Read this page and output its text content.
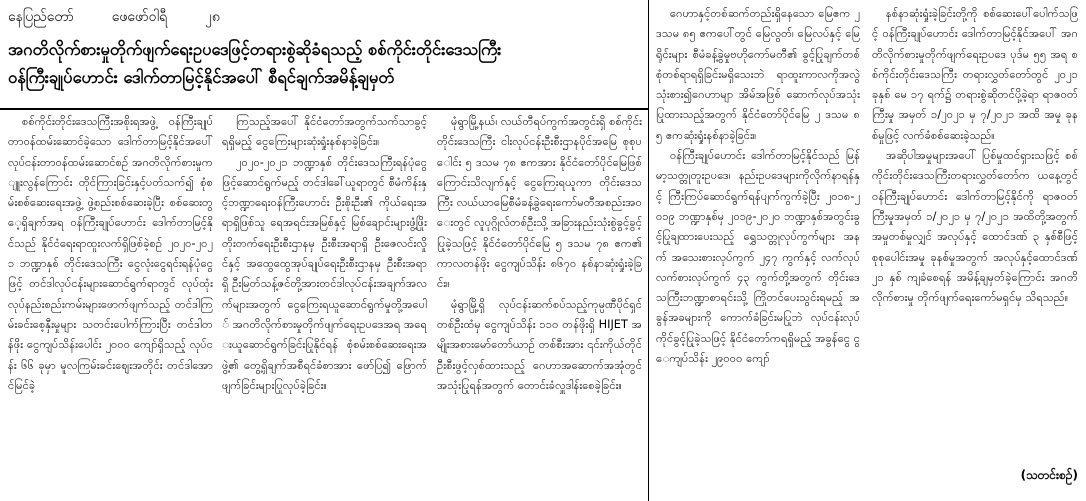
နေပြည်တော်	ဖေဖော်ဝါရီ	၂၈
အဂတိလိုက်စားမှုတိုက်ဖျက်ရေးဥပဒေဖြင့်တရားစွဲဆိုခံရသည့် စစ်ကိုင်းတိုင်းဒေသကြီး
ဝန်ကြီးချုပ်ဟောင်း ဒေါက်တာမြင့်နိုင်အပေါ် စီရင်ချက်အမိန့်ချမှတ်

စစ်ကိုင်းတိုင်းဒေသကြီးအစိုးရအဖွဲ့ ဝန်ကြီးချုပ်တာဝန်ထမ်းဆောင်ခဲ့သော ဒေါက်တာမြင့်နိုင်အပေါ် လုပ်ငန်းတာဝန်ထမ်းဆောင်စဉ် အဂတိလိုက်စားမှုကျူးလွန်ကြောင်း တိုင်ကြားခြင်းနှင့်ပတ်သက်၍ စုံစမ်းစစ်ဆေးရေးအဖွဲ့ ဖွဲ့စည်းစစ်ဆေးခဲ့ပြီး စစ်ဆေးတွေ့ရှိချက်အရ ဝန်ကြီးချုပ်ဟောင်း ဒေါက်တာမြင့်နိုင်သည် နိုင်ငံရေးရာထူးလက်ရှိဖြစ်ခဲ့စဉ် ၂၀၂၀-၂၀၂၁ ဘဏ္ဍာနှစ် တိုင်းဒေသကြီး ငွေလုံးငွေရင်းရန်ပုံငွေဖြင့် တင်ဒါလုပ်ငန်းများဆောင်ရွက်ရာတွင် လုပ်ထုံးလုပ်နည်းစည်းကမ်းများဖောက်ဖျက်သည့် တင်ဒါကြမ်းခင်းစေ့နှီးမှုများ သတင်းပေါက်ကြားပြီး တင်ဒါတန်ဖိုး ငွေကျပ်သိန်းပေါင်း ၂၀၀၀ ကျော်ရှိသည့် လုပ်ငန်း ၆၆ ခုမှာ မူလကြမ်းခင်းဈေးအတိုင်း တင်ဒါအောင်မြင်ခဲ့

ကြသည့်အပေါ် နိုင်ငံတော်အတွက်သက်သာခွင့်ရရှိမည့် ငွေကြေးများဆုံးရှုံးနစ်နာခဲ့ခြင်း။

၂၀၂၀-၂၀၂၁ ဘဏ္ဍာနှစ် တိုင်းဒေသကြီးရန်ပုံငွေဖြင့်ဆောင်ရွက်မည့် တင်ဒါခေါ်ယူရာတွင် စီမံကိန်းနှင့်ဘဏ္ဍာရေးဝန်ကြီးဟောင်း ဦးစိုးဦး၏ ကိုယ်ရေးအရာရှိဖြစ်သူ ရေအရင်းအမြစ်နှင့် မြစ်ချောင်းများဖွံ့ဖြိုးတိုးတက်ရေးဦးစီးဌာနမှ ဦးစီးအရာရှိ ဦးဇေလင်းလှိုင်နှင့် အထွေထွေအုပ်ချုပ်ရေးဦးစီးဌာနမှ ဦးစီးအရာရှိ ဦးမြတ်သန့်ဇင်တို့အားတင်ဒါလုပ်ငန်းအချက်အလက်များအတွက် ငွေကြေးရယူဆောင်ရွက်မှုတို့အပေါ် အဂတိလိုက်စားမှုတိုက်ဖျက်ရေးဥပဒေအရ အရေးယူဆောင်ရွက်ခြင်းပြုနိုင်ရန် စုံစမ်းစစ်ဆေးရေးအဖွဲ့၏ တွေ့ရှိချက်အစီရင်ခံစာအား ဖော်ပြ၍ ဖြောက်ဖျက်ခြင်းများပြုလုပ်ခဲ့ခြင်း။

မုံရွာမြို့နယ်၊ လယ်တီရပ်ကွက်အတွင်းရှိ စစ်ကိုင်းတိုင်းဒေသကြီး ငါးလုပ်ငန်းဦးစီးဌာနပိုင်အမြေ စုစုပေါင်း ၅ ဒသမ ၇၈ ဧကအား နိုင်ငံတော်ပိုင်မြေဖြစ်ကြောင်းသိလျက်နှင့် ငွေကြေးရယူကာ တိုင်းဒေသကြီး လယ်ယာမြေစီမံခန့်ခွဲရေးကော်မတီအစည်းအဝေးတွင် လူပုဂ္ဂိုလ်တစ်ဦးသို့ အခြားနည်းသုံးစွဲခွင့်ခွင့်ပြုခဲ့သဖြင့် နိုင်ငံတော်ပိုင်မြေ ၅ ဒသမ ၇၈ ဧက၏ ကာလတန်ဖိုး ငွေကျပ်သိန်း ၈၆၇၀ နစ်နာဆုံးရှုံးခဲ့ခြင်း။

မုံရွာမြို့ရှိ လုပ်ငန်းဆက်စပ်သည့်ကုမ္ပဏီပိုင်ရှင်တစ်ဦးထံမှ ငွေကျပ်သိန်း ၁၁၀ တန်ဖိုးရှိ HIJET အမျိုးအစားမော်တော်ယာဉ် တစ်စီးအား ၎င်းကိုယ်တိုင်ဦးစီးဖွင့်လှစ်ထားသည့် ဂေဟာအဆောက်အအုံတွင် အသုံးပြုရန်အတွက် တောင်းခံလှူဒါန်းစေခဲ့ခြင်း။

ဂေဟာနှင့်တစ်ဆက်တည်းရှိနေသော မြေဧက ၂ ဒသမ ၈၅ ဧကပေါ်တွင် မြေလွတ်၊ မြေလပ်နှင့် မြေရိုင်းများ စီမံခန့်ခွဲမှုဗဟိုကော်မတီ၏ ခွင့်ပြုချက်တစ်စုံတစ်ရာရရှိခြင်းမရှိသေးဘဲ ရာထူးကာလကိုအလွဲသုံးစား၍ဂေဟာမျာ အိမ်အဖြစ် ဆောက်လုပ်အသုံးပြုထားသည့်အတွက် နိုင်ငံတော်ပိုင်မြေ ၂ ဒသမ ၈၅ ဧကဆုံးရှုံးနစ်နာခဲ့ခြင်း။

ဝန်ကြီးချုပ်ဟောင်း ဒေါက်တာမြင့်နိုင်သည် မြန်မာ့သတ္တုတူးဥပဒေ၊ နည်းဥပဒေများကိုလိုက်နာရန်နှင့် ကြီးကြပ်ဆောင်ရွက်ရန်ပျက်ကွက်ခဲ့ပြီး ၂၀၁၈-၂၀၁၉ ဘဏ္ဍာနှစ်မှ ၂၀၁၉-၂၀၂၀ ဘဏ္ဍာနှစ်အတွင်းခွင့်ပြုချထားပေးသည့် ရွှေသတ္တုလုပ်ကွက်များ အနက် အသေးစားလုပ်ကွက် ၂၄၇ ကွက်နှင့် လက်လုပ်လက်စားလုပ်ကွက် ၄၃ ကွက်တို့အတွက် တိုင်းဒေသကြီးဘဏ္ဍာစာရင်းသို့ ကြိုတင်ပေးသွင်းရမည့် အခွန်အခများကို ကောက်ခံခြင်းမပြုဘဲ လုပ်ငန်းလုပ်ကိုင်ခွင့်ပြုခဲ့သဖြင့် နိုင်ငံတော်ကရရှိမည့် အခွန်ငွေ ငွေကျပ်သိန်း ၂၉၀၀၀ ကျော်

နစ်နာဆုံးရှုံးခဲ့ခြင်းတို့ကို စစ်ဆေးပေါ်ပေါက်သဖြင့် ဝန်ကြီးချုပ်ဟောင်း ဒေါက်တာမြင့်နိုင်အပေါ် အဂတိလိုက်စားမှုတိုက်ဖျက်ရေးဥပဒေ ပုဒ်မ ၅၅ အရ စစ်ကိုင်းတိုင်းဒေသကြီး တရားလွှတ်တော်တွင် ၂၀၂၁ ခုနှစ် မေ ၁၇ ရက်၌ တရားစွဲဆိုတင်ပို့ခဲ့ရာ ရာဇဝတ်ကြီးမှု အမှတ် ၁/၂၀၂၁ မှ ၇/၂၀၂၁ အထိ အမှု ခုနစ်မှုဖြင့် လက်ခံစစ်ဆေးခဲ့သည်။

အဆိုပါအမှုများအပေါ် ပြစ်မှုထင်ရှားသဖြင့် စစ်ကိုင်းတိုင်းဒေသကြီးတရားလွှတ်တော်က ယနေ့တွင် ဝန်ကြီးချုပ်ဟောင်း ဒေါက်တာမြင့်နိုင်ကို ရာဇဝတ်ကြီးမှုအမှတ် ၁/၂၀၂၁ မှ ၇/၂၀၂၁ အထိတို့အတွက် အမှုတစ်မှုလျှင် အလုပ်နှင့် ထောင်ဒဏ် ၃ နှစ်စီဖြင့် စုစုပေါင်းအမှု ခုနစ်မှုအတွက် အလုပ်နှင့်ထောင်ဒဏ် ၂၁ နှစ် ကျခံစေရန် အမိန့်ချမှတ်ခဲ့ကြောင်း အဂတိလိုက်စားမှု တိုက်ဖျက်ရေးကော်မရှင်မှ သိရသည်။

(သတင်းစဉ်)
